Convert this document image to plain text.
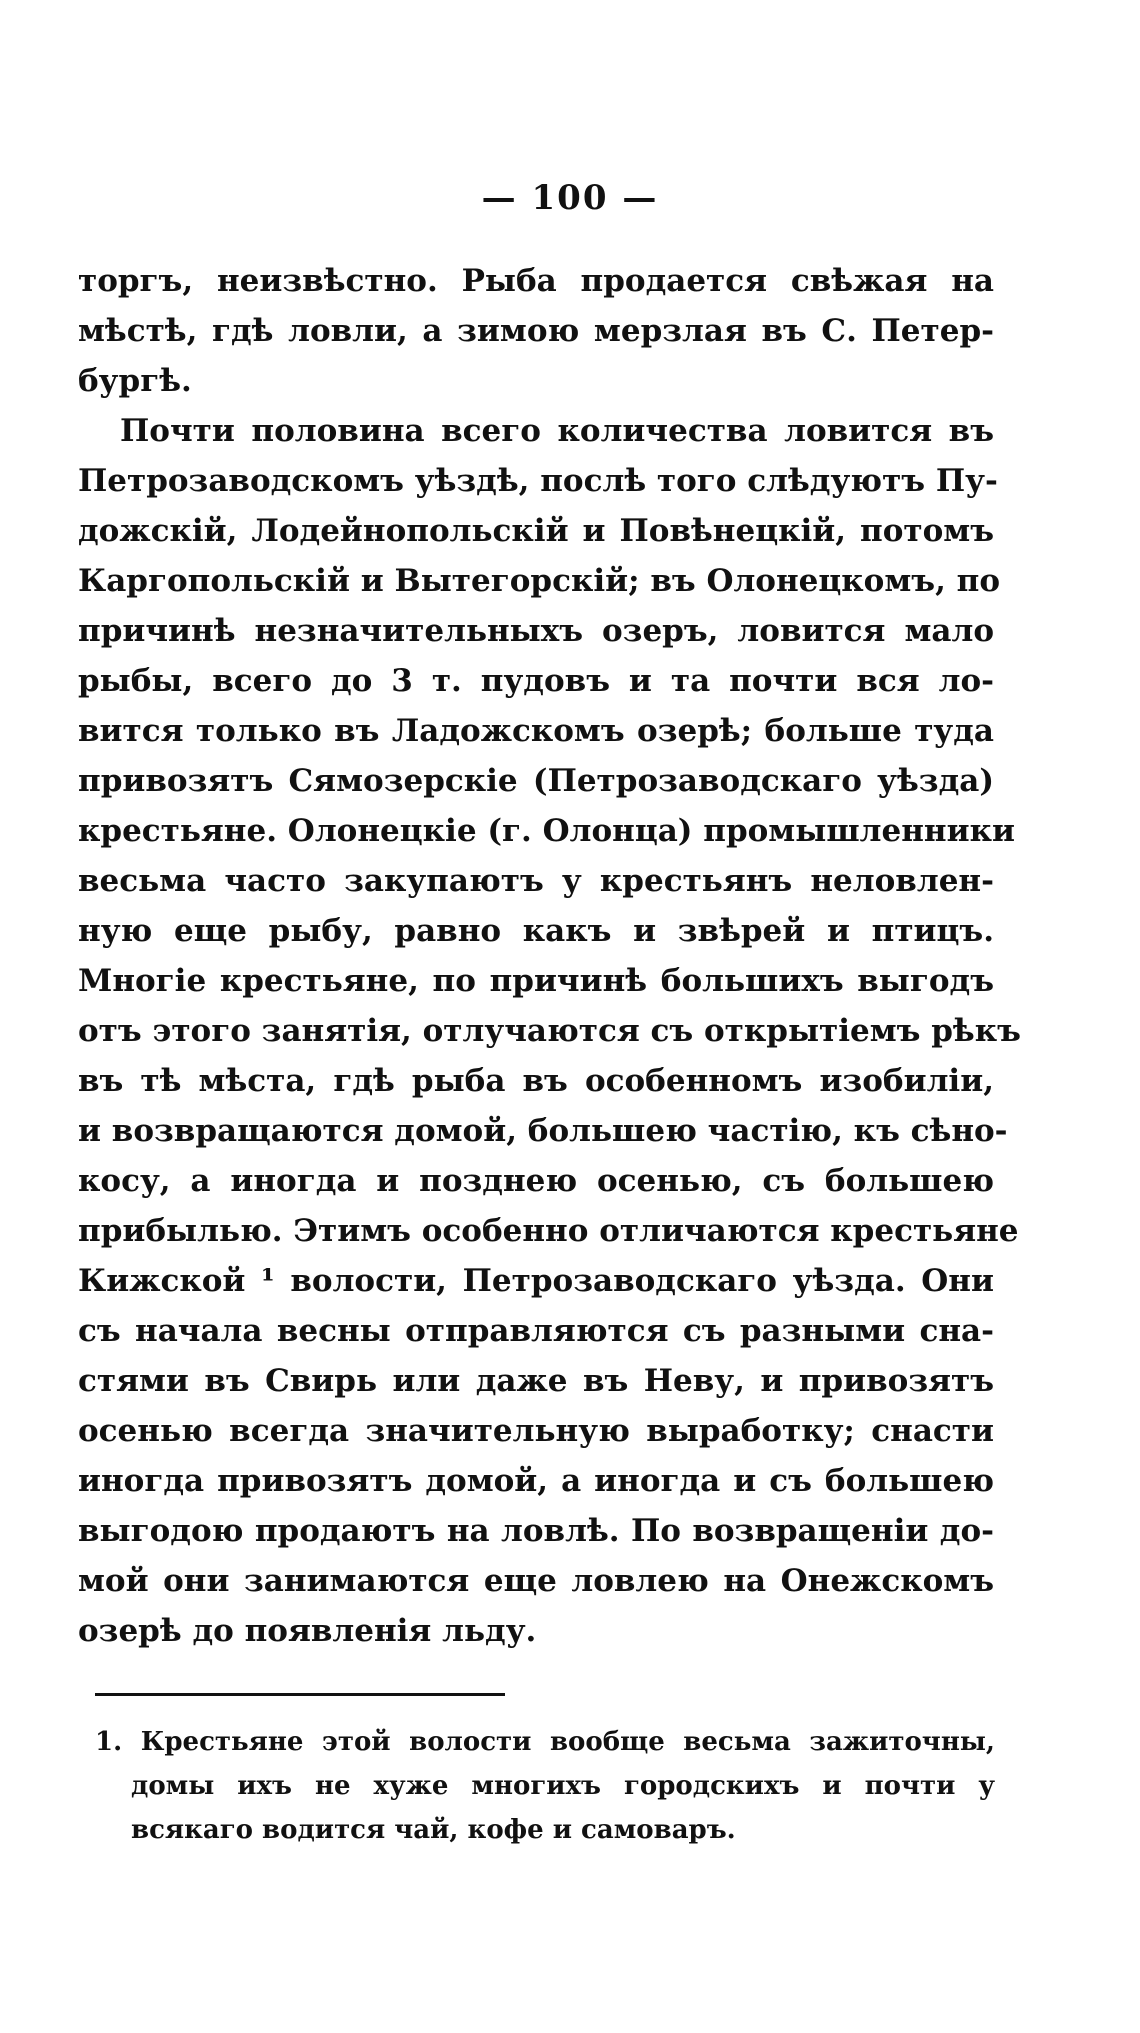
— 100 —
торгъ, неизвѣстно. Рыба продается свѣжая на
мѣстѣ, гдѣ ловли, а зимою мерзлая въ С. Петер-
бургѣ.
Почти половина всего количества ловится въ
Петрозаводскомъ уѣздѣ, послѣ того слѣдуютъ Пу-
дожскій, Лодейнопольскій и Повѣнецкій, потомъ
Каргопольскій и Вытегорскій; въ Олонецкомъ, по
причинѣ незначительныхъ озеръ, ловится мало
рыбы, всего до 3 т. пудовъ и та почти вся ло-
вится только въ Ладожскомъ озерѣ; больше туда
привозятъ Сямозерскіе (Петрозаводскаго уѣзда)
крестьяне. Олонецкіе (г. Олонца) промышленники
весьма часто закупаютъ у крестьянъ неловлен-
ную еще рыбу, равно какъ и звѣрей и птицъ.
Многіе крестьяне, по причинѣ большихъ выгодъ
отъ этого занятія, отлучаются съ открытіемъ рѣкъ
въ тѣ мѣста, гдѣ рыба въ особенномъ изобиліи,
и возвращаются домой, большею частію, къ сѣно-
косу, а иногда и позднею осенью, съ большею
прибылью. Этимъ особенно отличаются крестьяне
Кижской ¹ волости, Петрозаводскаго уѣзда. Они
съ начала весны отправляются съ разными сна-
стями въ Свирь или даже въ Неву, и привозятъ
осенью всегда значительную выработку; снасти
иногда привозятъ домой, а иногда и съ большею
выгодою продаютъ на ловлѣ. По возвращеніи до-
мой они занимаются еще ловлею на Онежскомъ
озерѣ до появленія льду.
1. Крестьяне этой волости вообще весьма зажиточны,
домы ихъ не хуже многихъ городскихъ и почти у
всякаго водится чай, кофе и самоваръ.
